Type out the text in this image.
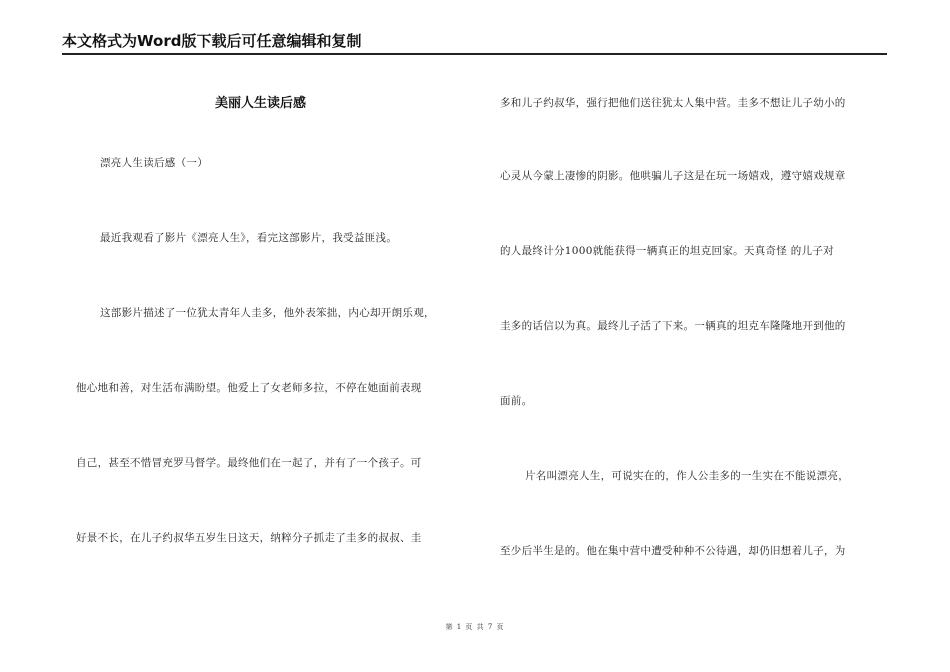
本文格式为Word版下载后可任意编辑和复制
美丽人生读后感
漂亮人生读后感（一）
最近我观看了影片《漂亮人生》，看完这部影片，我受益匪浅。
这部影片描述了一位犹太青年人圭多，他外表笨拙，内心却开朗乐观，
他心地和善，对生活布满盼望。他爱上了女老师多拉，不停在她面前表现
自己，甚至不惜冒充罗马督学。最终他们在一起了，并有了一个孩子。可
好景不长，在儿子约叔华五岁生日这天，纳粹分子抓走了圭多的叔叔、圭
多和儿子约叔华，强行把他们送往犹太人集中营。圭多不想让儿子幼小的
心灵从今蒙上凄惨的阴影。他哄骗儿子这是在玩一场嬉戏，遵守嬉戏规章
的人最终计分1000就能获得一辆真正的坦克回家。天真奇怪 的儿子对
圭多的话信以为真。最终儿子活了下来。一辆真的坦克车隆隆地开到他的
面前。
片名叫漂亮人生，可说实在的，作人公圭多的一生实在不能说漂亮，
至少后半生是的。他在集中营中遭受种种不公待遇，却仍旧想着儿子，为
第 1 页 共 7 页
